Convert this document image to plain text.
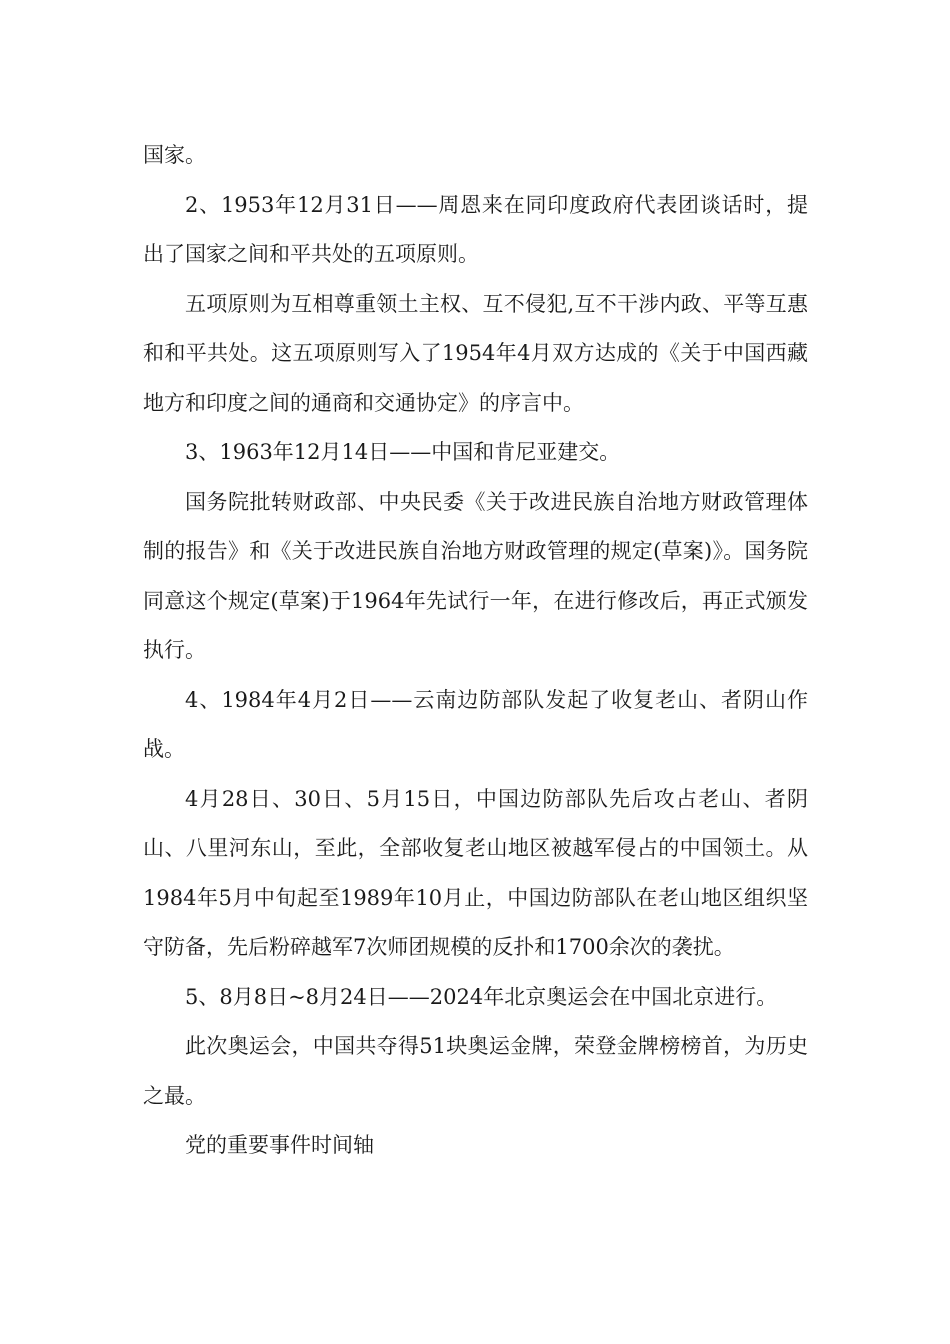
国家。

2、1953年12月31日——周恩来在同印度政府代表团谈话时，提出了国家之间和平共处的五项原则。

五项原则为互相尊重领土主权、互不侵犯,互不干涉内政、平等互惠和和平共处。这五项原则写入了1954年4月双方达成的《关于中国西藏地方和印度之间的通商和交通协定》的序言中。

3、1963年12月14日——中国和肯尼亚建交。

国务院批转财政部、中央民委《关于改进民族自治地方财政管理体制的报告》和《关于改进民族自治地方财政管理的规定(草案)》。国务院同意这个规定(草案)于1964年先试行一年，在进行修改后，再正式颁发执行。

4、1984年4月2日——云南边防部队发起了收复老山、者阴山作战。

4月28日、30日、5月15日，中国边防部队先后攻占老山、者阴山、八里河东山，至此，全部收复老山地区被越军侵占的中国领土。从1984年5月中旬起至1989年10月止，中国边防部队在老山地区组织坚守防备，先后粉碎越军7次师团规模的反扑和1700余次的袭扰。

5、8月8日~8月24日——2024年北京奥运会在中国北京进行。

此次奥运会，中国共夺得51块奥运金牌，荣登金牌榜榜首，为历史之最。

党的重要事件时间轴
